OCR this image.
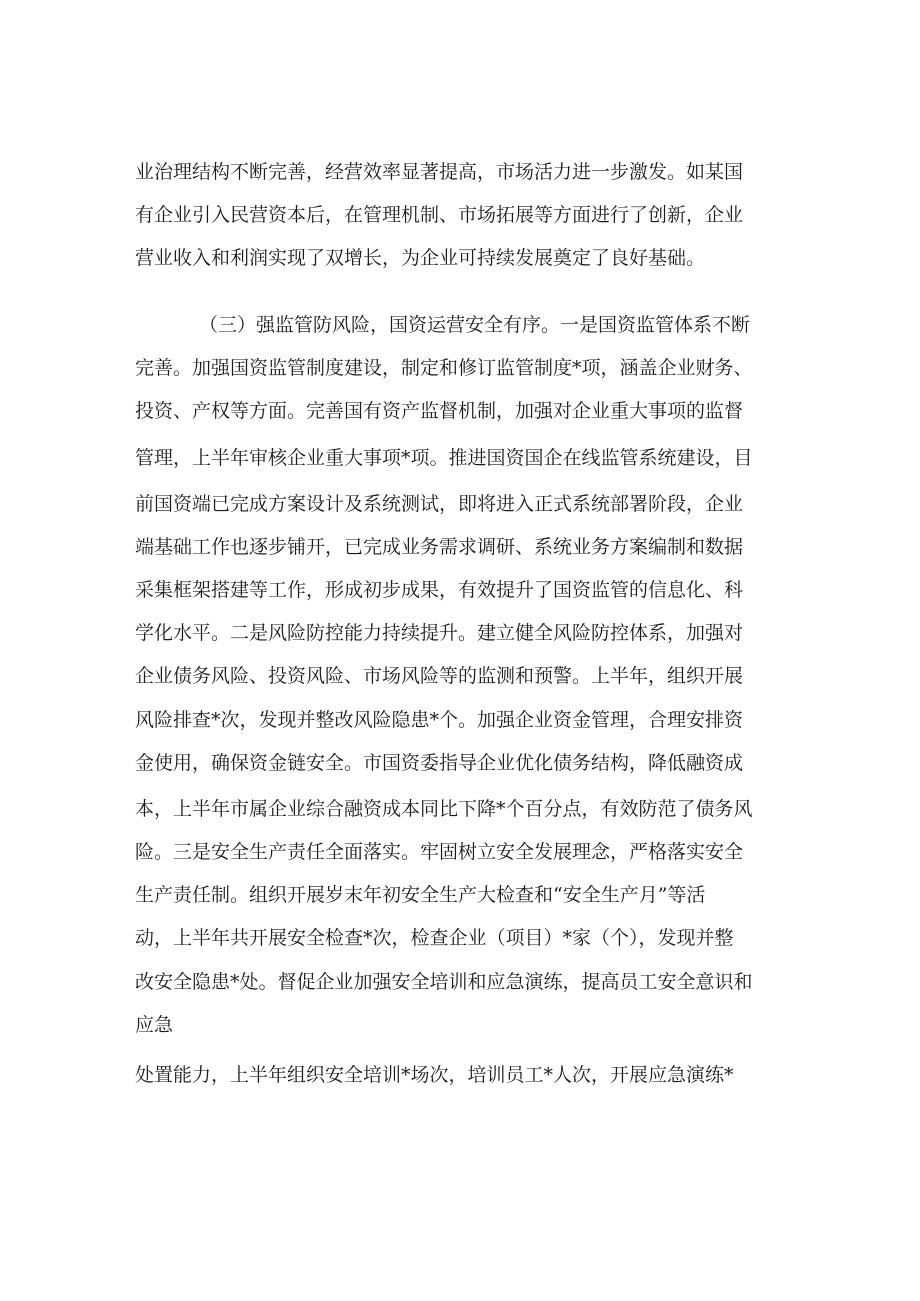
业治理结构不断完善，经营效率显著提高，市场活力进一步激发。如某国
有企业引入民营资本后，在管理机制、市场拓展等方面进行了创新，企业
营业收入和利润实现了双增长，为企业可持续发展奠定了良好基础。
（三）强监管防风险，国资运营安全有序。一是国资监管体系不断
完善。加强国资监管制度建设，制定和修订监管制度*项，涵盖企业财务、
投资、产权等方面。完善国有资产监督机制，加强对企业重大事项的监督
管理，上半年审核企业重大事项*项。推进国资国企在线监管系统建设，目
前国资端已完成方案设计及系统测试，即将进入正式系统部署阶段，企业
端基础工作也逐步铺开，已完成业务需求调研、系统业务方案编制和数据
采集框架搭建等工作，形成初步成果，有效提升了国资监管的信息化、科
学化水平。二是风险防控能力持续提升。建立健全风险防控体系，加强对
企业债务风险、投资风险、市场风险等的监测和预警。上半年，组织开展
风险排查*次，发现并整改风险隐患*个。加强企业资金管理，合理安排资
金使用，确保资金链安全。市国资委指导企业优化债务结构，降低融资成
本，上半年市属企业综合融资成本同比下降*个百分点，有效防范了债务风
险。三是安全生产责任全面落实。牢固树立安全发展理念，严格落实安全
生产责任制。组织开展岁末年初安全生产大检查和“安全生产月”等活
动，上半年共开展安全检查*次，检查企业（项目）*家（个），发现并整
改安全隐患*处。督促企业加强安全培训和应急演练，提高员工安全意识和
应急
处置能力，上半年组织安全培训*场次，培训员工*人次，开展应急演练*
